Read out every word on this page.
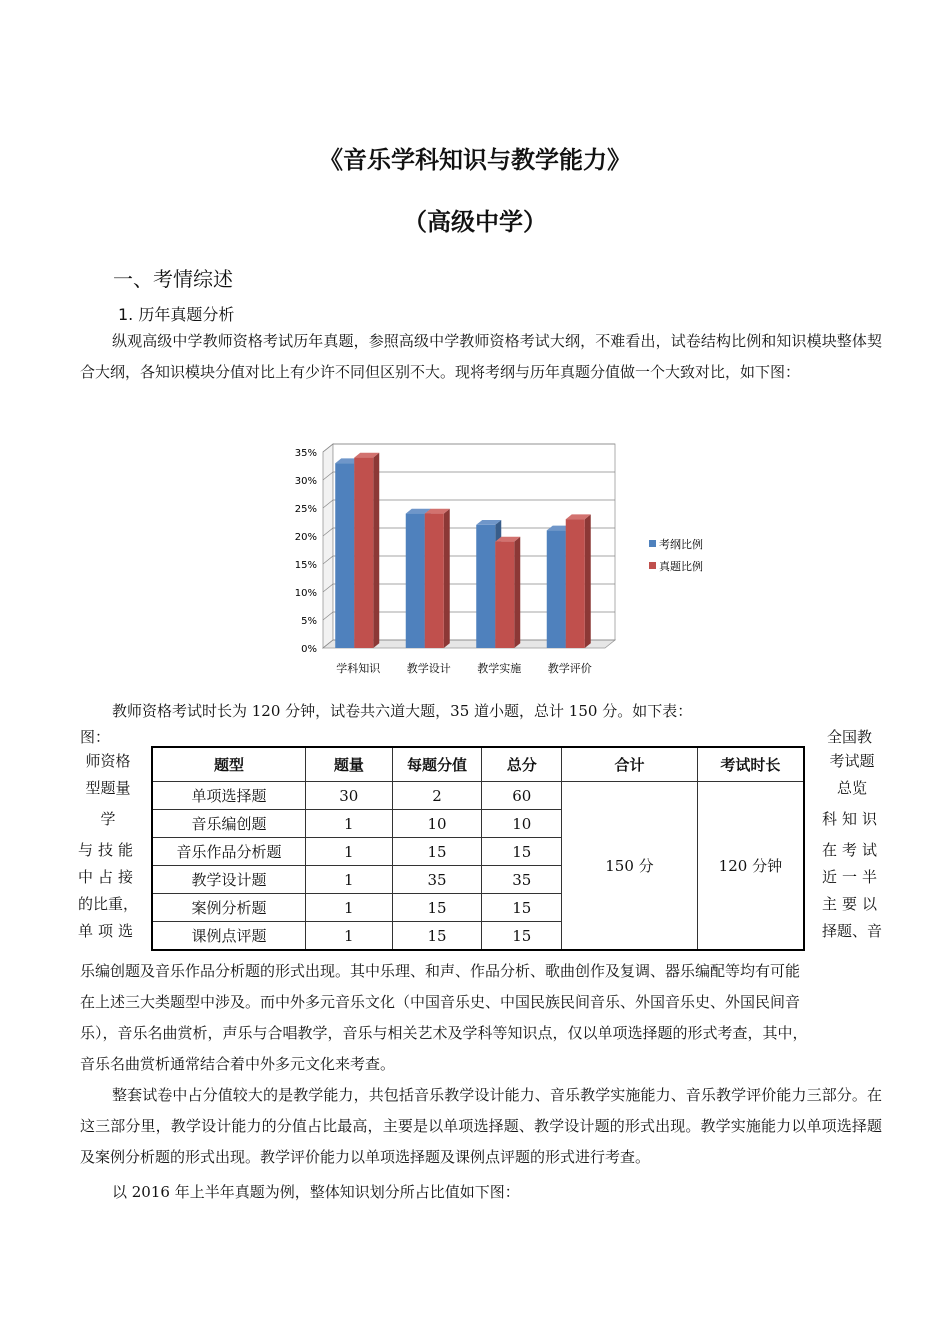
《音乐学科知识与教学能力》
（高级中学）
一、考情综述
1. 历年真题分析

纵观高级中学教师资格考试历年真题，参照高级中学教师资格考试大纲，不难看出，试卷结构比例和知识模块整体契合大纲，各知识模块分值对比上有少许不同但区别不大。现将考纲与历年真题分值做一个大致对比，如下图：

0%
5%
10%
15%
20%
25%
30%
35%
学科知识 教学设计 教学实施 教学评价
考纲比例
真题比例
教师资格考试时长为 120 分钟，试卷共六道大题，35 道小题，总计 150 分。如下表：
图：	全国教
师资格
型题量
学
与技能
中占接
的比重，
单项选
考试题
总览
科知识
在考试
近一半
主要以
择题、音
题型	题量	每题分值	总分	合计	考试时长
单项选择题	30	2	60	150 分	120 分钟
音乐编创题	1	10	10		
音乐作品分析题	1	15	15		
教学设计题	1	35	35		
案例分析题	1	15	15		
课例点评题	1	15	15		
乐编创题及音乐作品分析题的形式出现。其中乐理、和声、作品分析、歌曲创作及复调、器乐编配等均有可能
在上述三大类题型中涉及。而中外多元音乐文化（中国音乐史、中国民族民间音乐、外国音乐史、外国民间音
乐），音乐名曲赏析，声乐与合唱教学，音乐与相关艺术及学科等知识点，仅以单项选择题的形式考查，其中，
音乐名曲赏析通常结合着中外多元文化来考查。

整套试卷中占分值较大的是教学能力，共包括音乐教学设计能力、音乐教学实施能力、音乐教学评价能力三部分。在这三部分里，教学设计能力的分值占比最高，主要是以单项选择题、教学设计题的形式出现。教学实施能力以单项选择题及案例分析题的形式出现。教学评价能力以单项选择题及课例点评题的形式进行考查。

以 2016 年上半年真题为例，整体知识划分所占比值如下图：
